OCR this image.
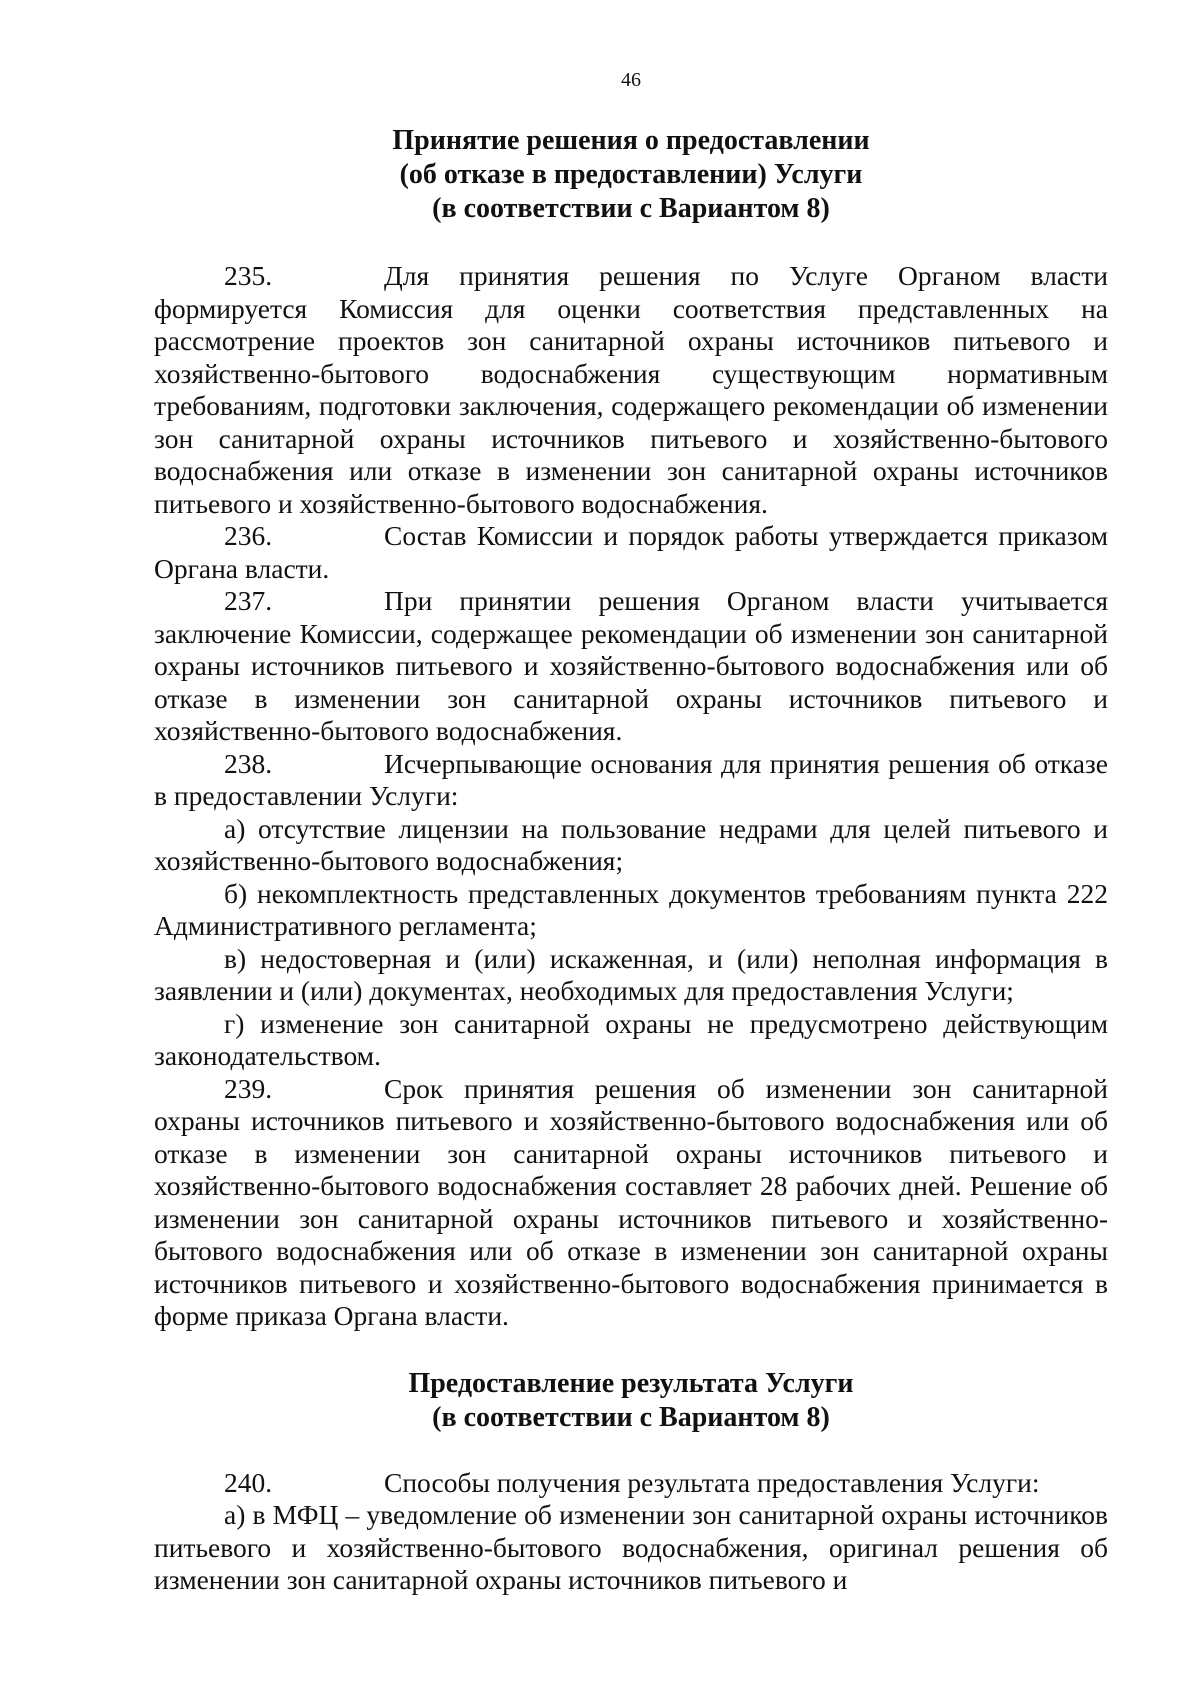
46
Принятие решения о предоставлении
(об отказе в предоставлении) Услуги
(в соответствии с Вариантом 8)

235.	Для принятия решения по Услуге Органом власти формируется Комиссия для оценки соответствия представленных на рассмотрение проектов зон санитарной охраны источников питьевого и хозяйственно-бытового водоснабжения существующим нормативным требованиям, подготовки заключения, содержащего рекомендации об изменении зон санитарной охраны источников питьевого и хозяйственно-бытового водоснабжения или отказе в изменении зон санитарной охраны источников питьевого и хозяйственно-бытового водоснабжения.

236.	Состав Комиссии и порядок работы утверждается приказом Органа власти.

237.	При принятии решения Органом власти учитывается заключение Комиссии, содержащее рекомендации об изменении зон санитарной охраны источников питьевого и хозяйственно-бытового водоснабжения или об отказе в изменении зон санитарной охраны источников питьевого и хозяйственно-бытового водоснабжения.

238.	Исчерпывающие основания для принятия решения об отказе в предоставлении Услуги:

а) отсутствие лицензии на пользование недрами для целей питьевого и хозяйственно-бытового водоснабжения;

б) некомплектность представленных документов требованиям пункта 222 Административного регламента;

в) недостоверная и (или) искаженная, и (или) неполная информация в заявлении и (или) документах, необходимых для предоставления Услуги;

г) изменение зон санитарной охраны не предусмотрено действующим законодательством.

239.	Срок принятия решения об изменении зон санитарной охраны источников питьевого и хозяйственно-бытового водоснабжения или об отказе в изменении зон санитарной охраны источников питьевого и хозяйственно-бытового водоснабжения составляет 28 рабочих дней. Решение об изменении зон санитарной охраны источников питьевого и хозяйственно-бытового водоснабжения или об отказе в изменении зон санитарной охраны источников питьевого и хозяйственно-бытового водоснабжения принимается в форме приказа Органа власти.

Предоставление результата Услуги
(в соответствии с Вариантом 8)

240.	Способы получения результата предоставления Услуги:

а) в МФЦ – уведомление об изменении зон санитарной охраны источников питьевого и хозяйственно-бытового водоснабжения, оригинал решения об изменении зон санитарной охраны источников питьевого и
